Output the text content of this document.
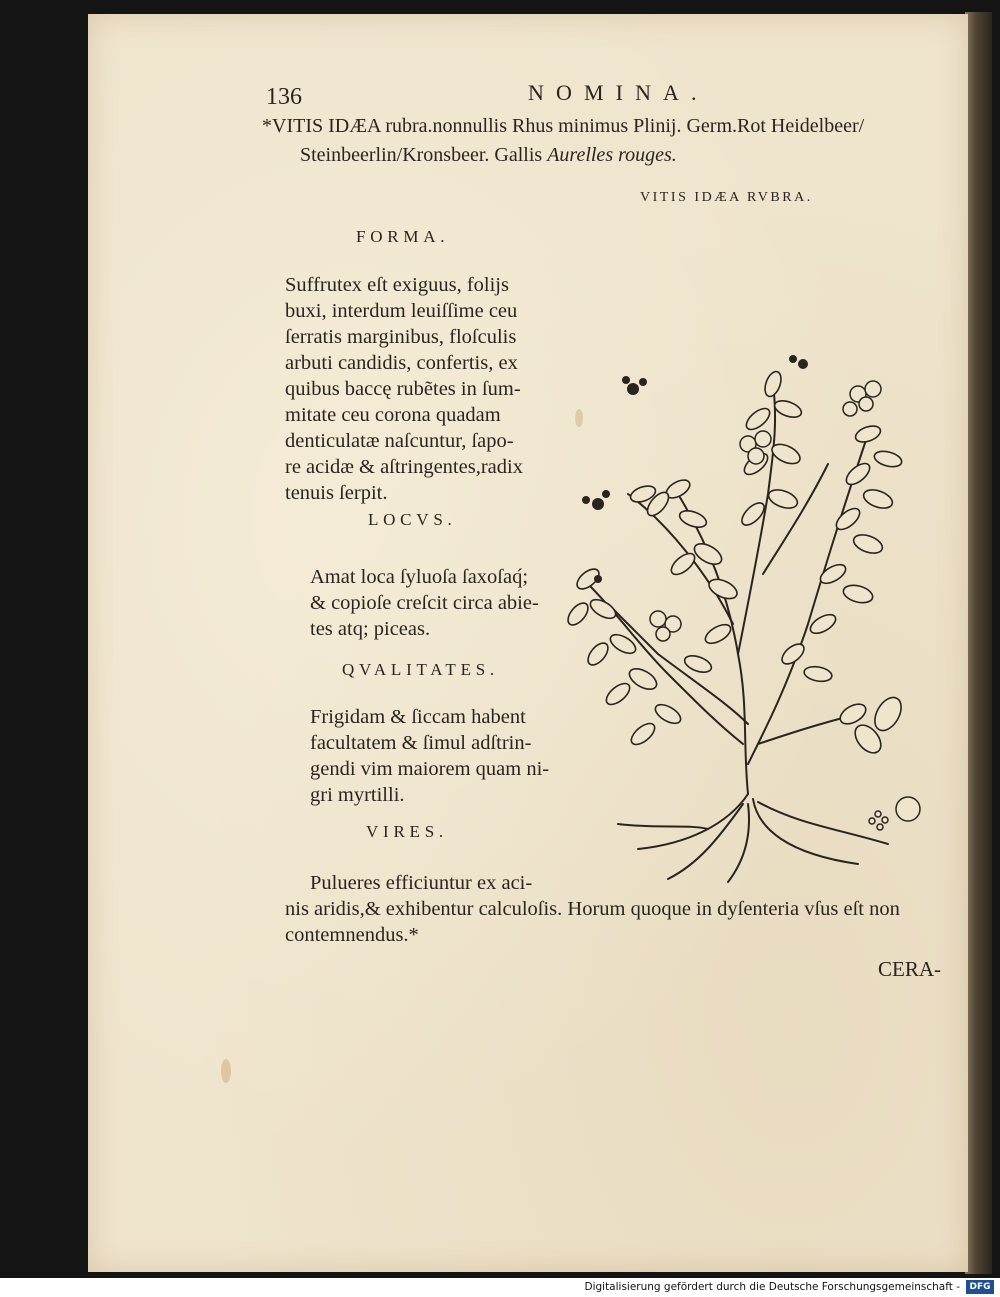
136	NOMINA.
*VITIS IDÆA rubra.nonnullis Rhus minimus Plinij. Germ.Rot Heidelbeer/
Steinbeerlin/Kronsbeer. Gallis Aurelles rouges.
VITIS IDÆA RVBRA.
FORMA.
Suffrutex eſt exiguus, folijs
buxi, interdum leuiſſime ceu
ſerratis marginibus, floſculis
arbuti candidis, confertis, ex
quibus baccę rubẽtes in ſum-
mitate ceu corona quadam
denticulatæ naſcuntur, ſapo-
re acidæ & aſtringentes,radix
tenuis ſerpit.
LOCVS.
Amat loca ſyluoſa ſaxoſaq́;
& copioſe creſcit circa abie-
tes atq; piceas.
QVALITATES.
Frigidam & ſiccam habent
facultatem & ſimul adſtrin-
gendi vim maiorem quam ni-
gri myrtilli.
VIRES.
Pulueres efficiuntur ex aci-
nis aridis,& exhibentur calculoſis. Horum quoque in dyſenteria vſus eſt non
contemnendus.*
CERA-
Digitalisierung gefördert durch die Deutsche Forschungsgemeinschaft -	DFG
